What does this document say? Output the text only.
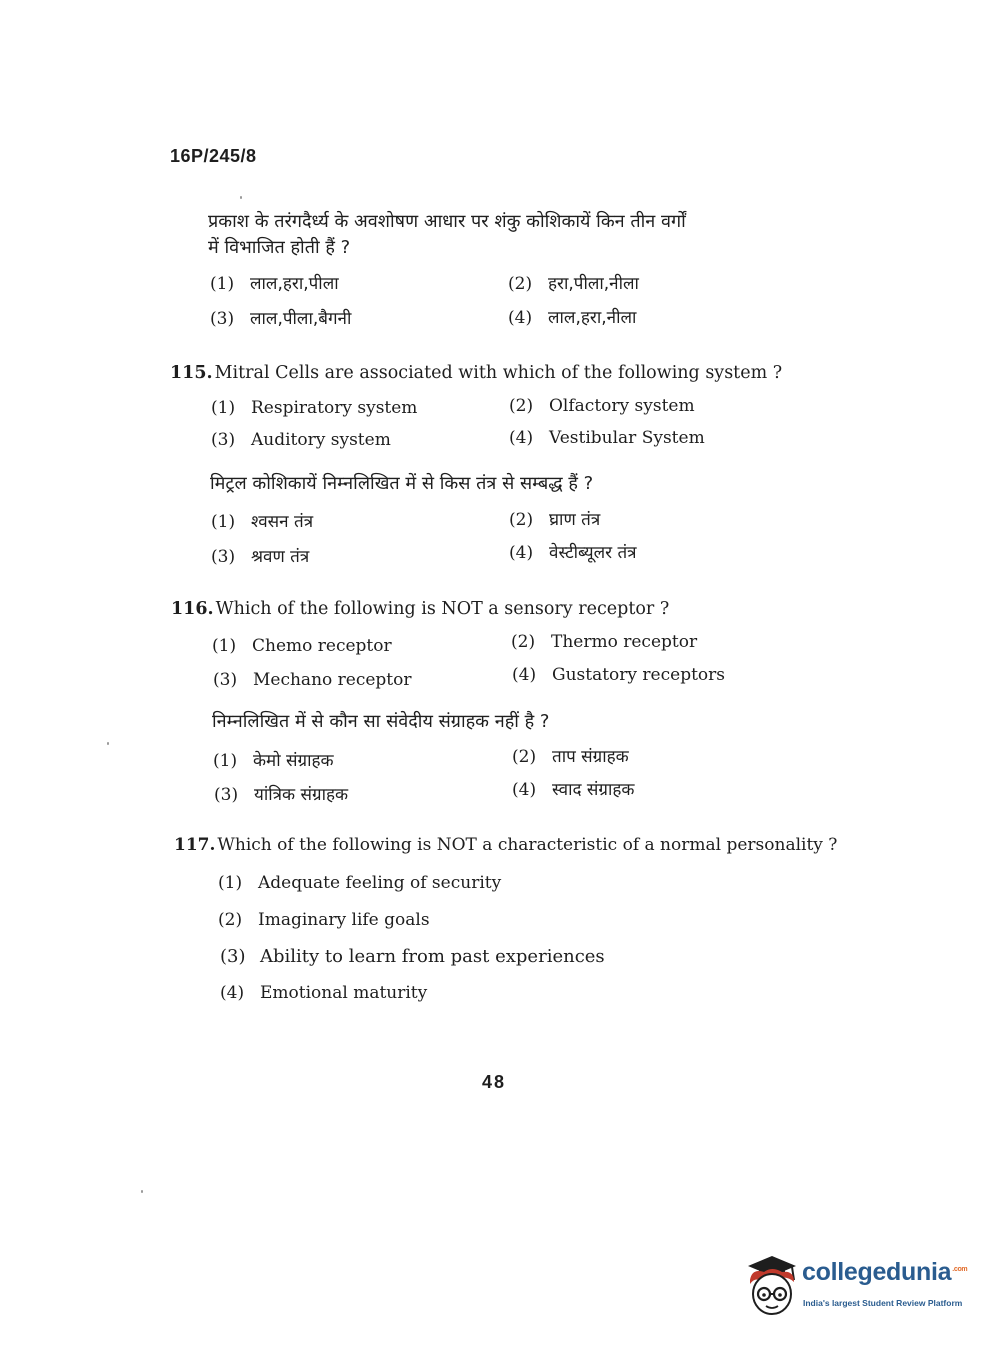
16P/245/8
प्रकाश के तरंगदैर्ध्य के अवशोषण आधार पर शंकु कोशिकायें किन तीन वर्गों
में विभाजित होती हैं ?
(1) लाल,हरा,पीला	(2) हरा,पीला,नीला
(3) लाल,पीला,बैगनी	(4) लाल,हरा,नीला
115. Mitral Cells are associated with which of the following system ?
(1) Respiratory system	(2) Olfactory system
(3) Auditory system	(4) Vestibular System
मिट्रल कोशिकायें निम्नलिखित में से किस तंत्र से सम्बद्ध हैं ?
(1) श्वसन तंत्र	(2) घ्राण तंत्र
(3) श्रवण तंत्र	(4) वेस्टीब्यूलर तंत्र
116. Which of the following is NOT a sensory receptor ?
(1) Chemo receptor	(2) Thermo receptor
(3) Mechano receptor	(4) Gustatory receptors
निम्नलिखित में से कौन सा संवेदीय संग्राहक नहीं है ?
(1) केमो संग्राहक	(2) ताप संग्राहक
(3) यांत्रिक संग्राहक	(4) स्वाद संग्राहक
117. Which of the following is NOT a characteristic of a normal personality ?
(1) Adequate feeling of security
(2) Imaginary life goals
(3) Ability to learn from past experiences
(4) Emotional maturity
48
collegedunia$^{.com}$
India's largest Student Review Platform
